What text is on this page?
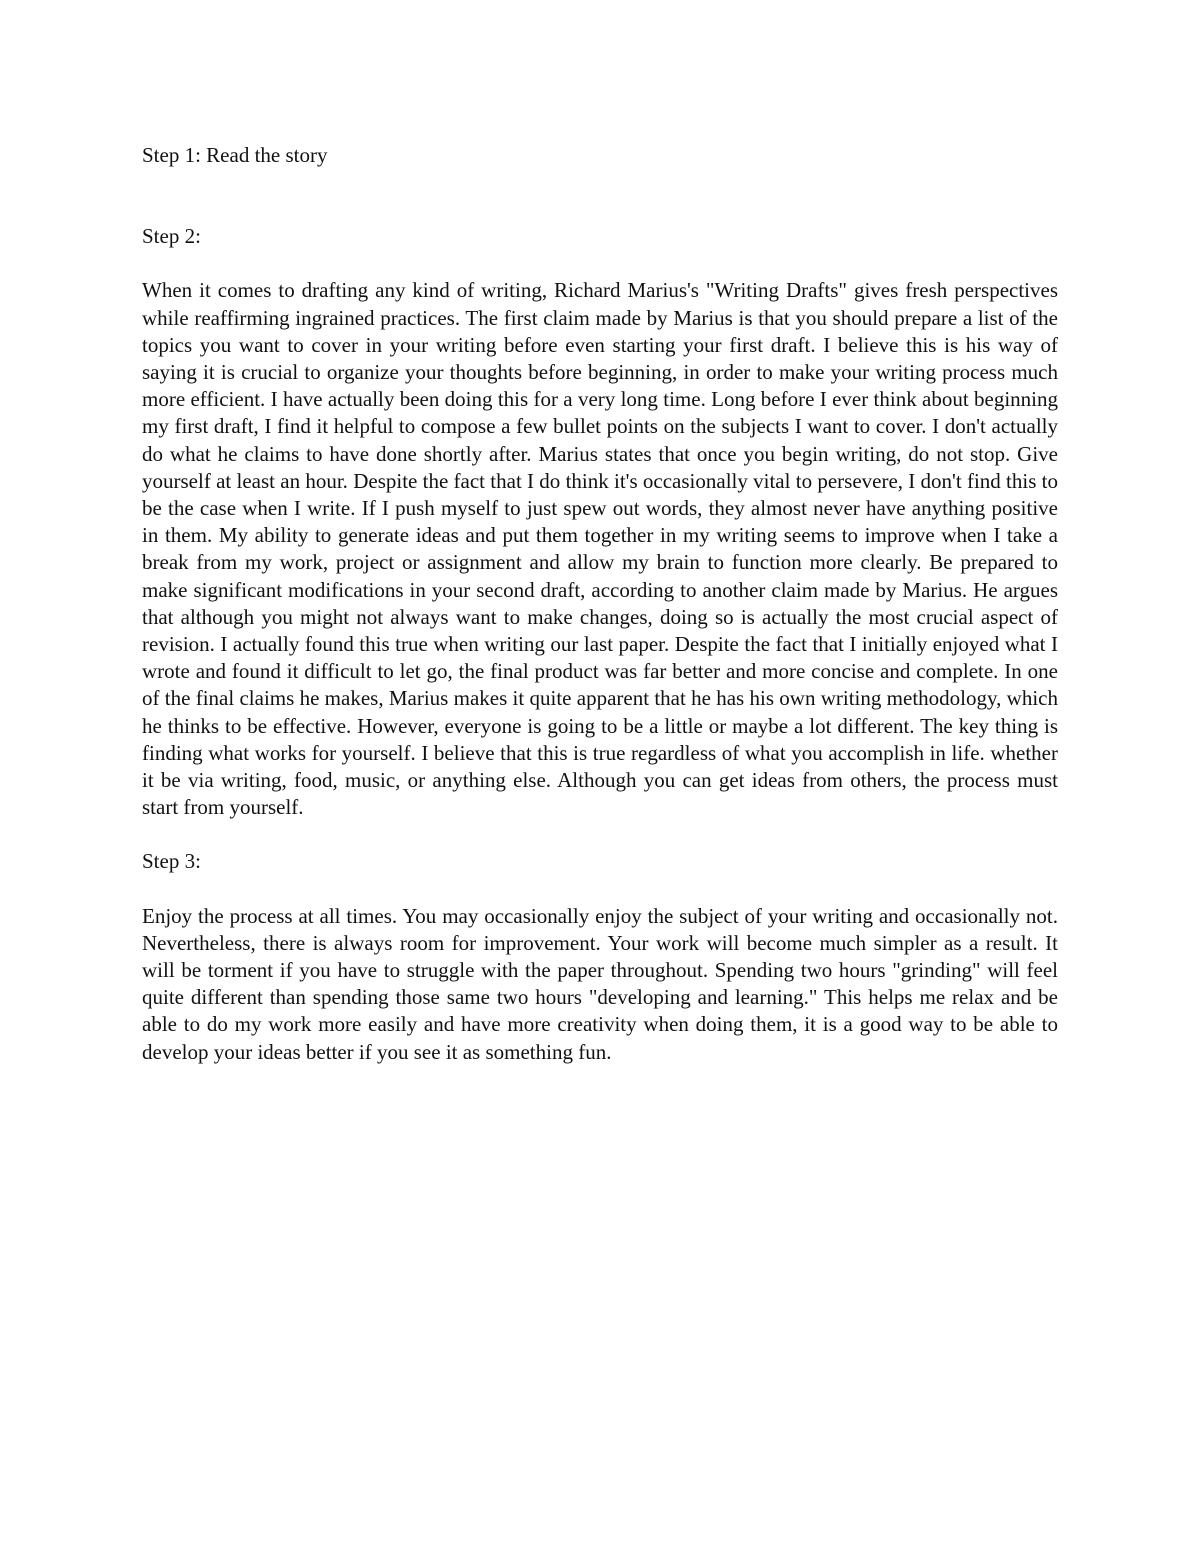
Step 1: Read the story

Step 2:

When it comes to drafting any kind of writing, Richard Marius's "Writing Drafts" gives fresh perspectives while reaffirming ingrained practices. The first claim made by Marius is that you should prepare a list of the topics you want to cover in your writing before even starting your first draft. I believe this is his way of saying it is crucial to organize your thoughts before beginning, in order to make your writing process much more efficient. I have actually been doing this for a very long time. Long before I ever think about beginning my first draft, I find it helpful to compose a few bullet points on the subjects I want to cover. I don't actually do what he claims to have done shortly after. Marius states that once you begin writing, do not stop. Give yourself at least an hour. Despite the fact that I do think it's occasionally vital to persevere, I don't find this to be the case when I write. If I push myself to just spew out words, they almost never have anything positive in them. My ability to generate ideas and put them together in my writing seems to improve when I take a break from my work, project or assignment and allow my brain to function more clearly. Be prepared to make significant modifications in your second draft, according to another claim made by Marius. He argues that although you might not always want to make changes, doing so is actually the most crucial aspect of revision. I actually found this true when writing our last paper. Despite the fact that I initially enjoyed what I wrote and found it difficult to let go, the final product was far better and more concise and complete. In one of the final claims he makes, Marius makes it quite apparent that he has his own writing methodology, which he thinks to be effective. However, everyone is going to be a little or maybe a lot different. The key thing is finding what works for yourself. I believe that this is true regardless of what you accomplish in life. whether it be via writing, food, music, or anything else. Although you can get ideas from others, the process must start from yourself.

Step 3:

Enjoy the process at all times. You may occasionally enjoy the subject of your writing and occasionally not. Nevertheless, there is always room for improvement. Your work will become much simpler as a result. It will be torment if you have to struggle with the paper throughout. Spending two hours "grinding" will feel quite different than spending those same two hours "developing and learning." This helps me relax and be able to do my work more easily and have more creativity when doing them, it is a good way to be able to develop your ideas better if you see it as something fun.
